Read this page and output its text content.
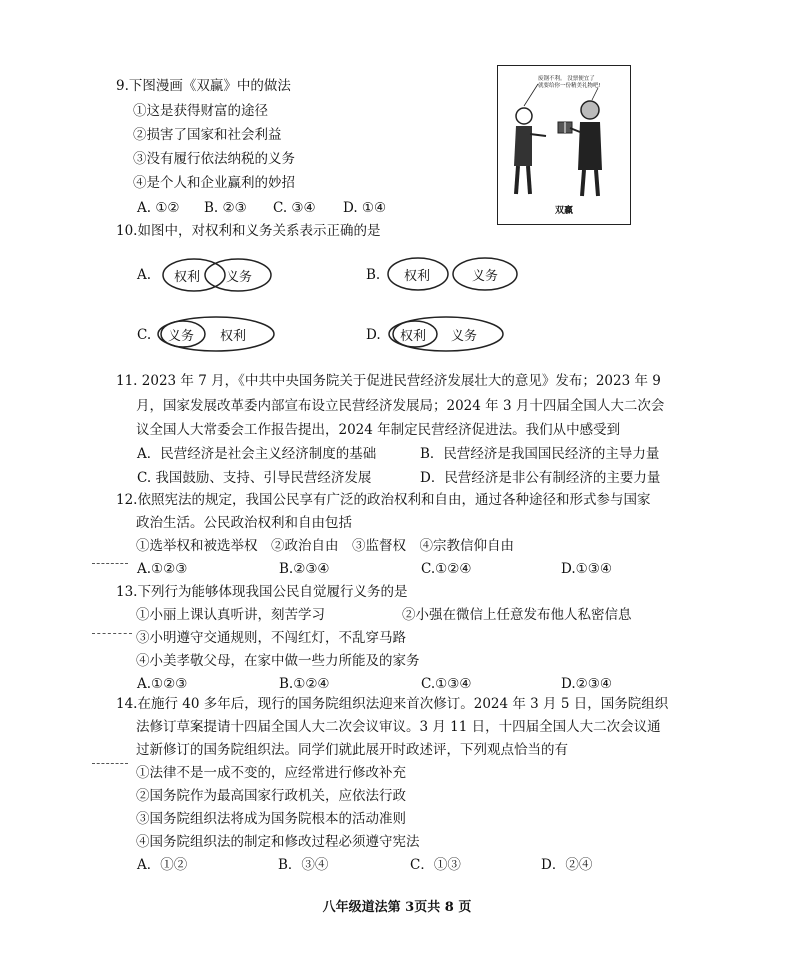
9.下图漫画《双赢》中的做法
①这是获得财富的途径
②损害了国家和社会利益
③没有履行依法纳税的义务
④是个人和企业赢利的妙招
A. ①② B. ②③ C. ③④ D. ①④
废钢不利。 没票便宜了
就要给你一份精美礼物吧!
双赢
10.如图中，对权利和义务关系表示正确的是
A. 权利 义务	B. 权利	义务
C. 义务 权利	D. 权利 义务
11. 2023 年 7 月，《中共中央国务院关于促进民营经济发展壮大的意见》发布；2023 年 9
月，国家发展改革委内部宣布设立民营经济发展局；2024 年 3 月十四届全国人大二次会
议全国人大常委会工作报告提出，2024 年制定民营经济促进法。我们从中感受到
A．民营经济是社会主义经济制度的基础	B．民营经济是我国国民经济的主导力量
C. 我国鼓励、支持、引导民营经济发展	D．民营经济是非公有制经济的主要力量
12.依照宪法的规定，我国公民享有广泛的政治权利和自由，通过各种途径和形式参与国家
政治生活。公民政治权利和自由包括
①选举权和被选举权　②政治自由　③监督权　④宗教信仰自由
A.①②③	B.②③④	C.①②④	D.①③④
13.下列行为能够体现我国公民自觉履行义务的是
①小丽上课认真听讲，刻苦学习	②小强在微信上任意发布他人私密信息
③小明遵守交通规则，不闯红灯，不乱穿马路
④小美孝敬父母，在家中做一些力所能及的家务
A.①②③	B.①②④	C.①③④	D.②③④
14.在施行 40 多年后，现行的国务院组织法迎来首次修订。2024 年 3 月 5 日，国务院组织
法修订草案提请十四届全国人大二次会议审议。3 月 11 日，十四届全国人大二次会议通
过新修订的国务院组织法。同学们就此展开时政述评，下列观点恰当的有
①法律不是一成不变的，应经常进行修改补充
②国务院作为最高国家行政机关，应依法行政
③国务院组织法将成为国务院根本的活动准则
④国务院组织法的制定和修改过程必须遵守宪法
A．①②	B．③④	C．①③	D．②④
八年级道法第 3页共 8 页
